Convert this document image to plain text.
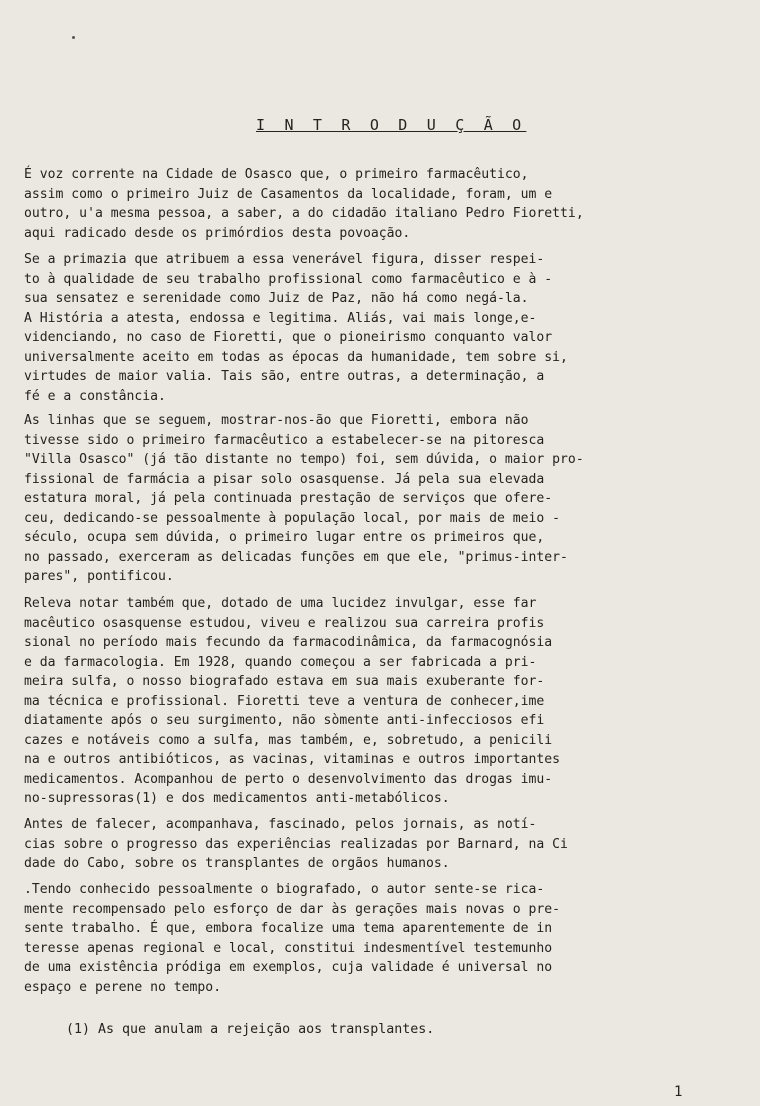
I N T R O D U Ç Ã O

É voz corrente na Cidade de Osasco que, o primeiro farmacêutico,
assim como o primeiro Juiz de Casamentos da localidade, foram, um e
outro, u'a mesma pessoa, a saber, a do cidadão italiano Pedro Fioretti,
aqui radicado desde os primórdios desta povoação.

Se a primazia que atribuem a essa venerável figura, disser respei-
to à qualidade de seu trabalho profissional como farmacêutico e à -
sua sensatez e serenidade como Juiz de Paz, não há como negá-la.
A História a atesta, endossa e legitima. Aliás, vai mais longe,e-
videnciando, no caso de Fioretti, que o pioneirismo conquanto valor
universalmente aceito em todas as épocas da humanidade, tem sobre si,
virtudes de maior valia. Tais são, entre outras, a determinação, a
fé e a constância.

As linhas que se seguem, mostrar-nos-ão que Fioretti, embora não
tivesse sido o primeiro farmacêutico a estabelecer-se na pitoresca
"Villa Osasco" (já tão distante no tempo) foi, sem dúvida, o maior pro-
fissional de farmácia a pisar solo osasquense. Já pela sua elevada
estatura moral, já pela continuada prestação de serviços que ofere-
ceu, dedicando-se pessoalmente à população local, por mais de meio -
século, ocupa sem dúvida, o primeiro lugar entre os primeiros que,
no passado, exerceram as delicadas funções em que ele, "primus-inter-
pares", pontificou.

Releva notar também que, dotado de uma lucidez invulgar, esse far
macêutico osasquense estudou, viveu e realizou sua carreira profis
sional no período mais fecundo da farmacodinâmica, da farmacognósia
e da farmacologia. Em 1928, quando começou a ser fabricada a pri-
meira sulfa, o nosso biografado estava em sua mais exuberante for-
ma técnica e profissional. Fioretti teve a ventura de conhecer,ime
diatamente após o seu surgimento, não sòmente anti-infecciosos efi
cazes e notáveis como a sulfa, mas também, e, sobretudo, a penicili
na e outros antibióticos, as vacinas, vitaminas e outros importantes
medicamentos. Acompanhou de perto o desenvolvimento das drogas imu-
no-supressoras(1) e dos medicamentos anti-metabólicos.

Antes de falecer, acompanhava, fascinado, pelos jornais, as notí-
cias sobre o progresso das experiências realizadas por Barnard, na Ci
dade do Cabo, sobre os transplantes de orgãos humanos.

.Tendo conhecido pessoalmente o biografado, o autor sente-se rica-
mente recompensado pelo esforço de dar às gerações mais novas o pre-
sente trabalho. É que, embora focalize uma tema aparentemente de in
teresse apenas regional e local, constitui indesmentível testemunho
de uma existência pródiga em exemplos, cuja validade é universal no
espaço e perene no tempo.

(1) As que anulam a rejeição aos transplantes.
1
